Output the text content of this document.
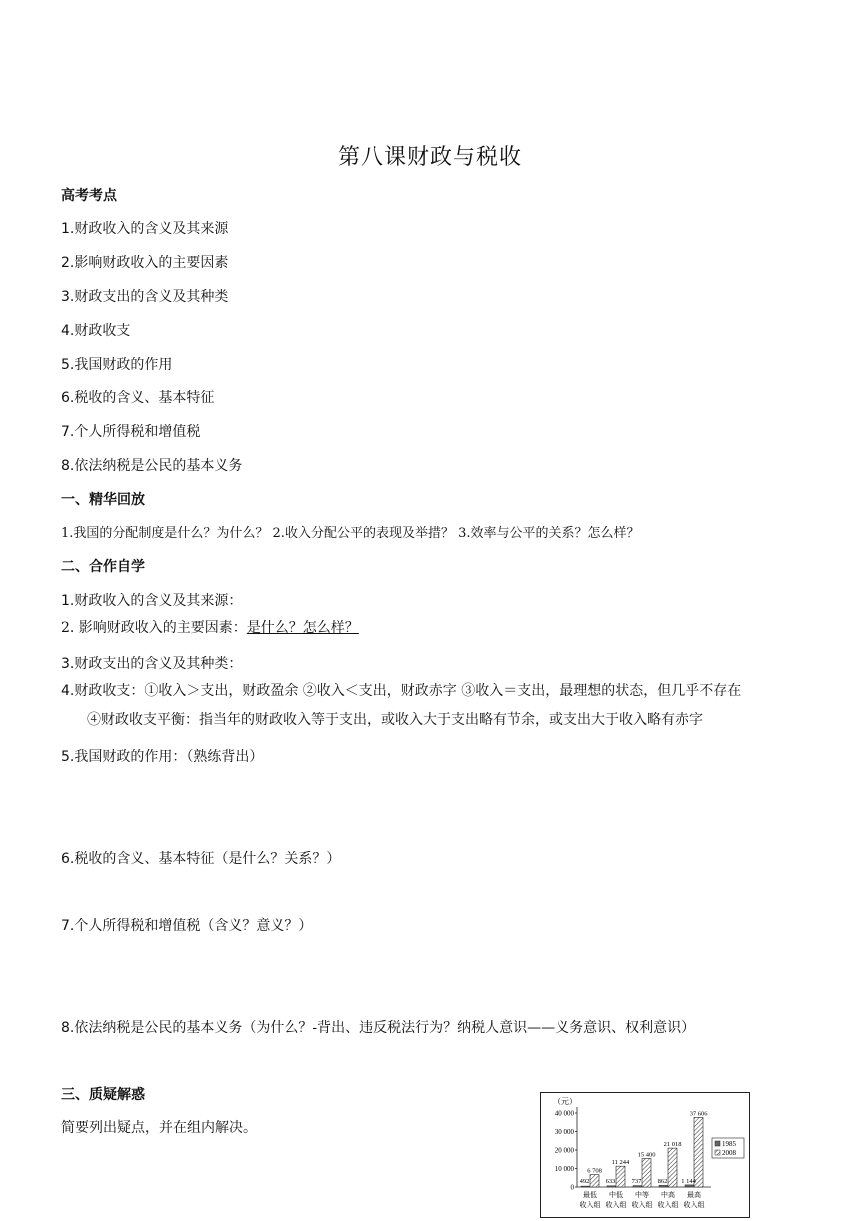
第八课财政与税收
高考考点
1.财政收入的含义及其来源
2.影响财政收入的主要因素
3.财政支出的含义及其种类
4.财政收支
5.我国财政的作用
6.税收的含义、基本特征
7.个人所得税和增值税
8.依法纳税是公民的基本义务
一、精华回放
1.我国的分配制度是什么？为什么？ 2.收入分配公平的表现及举措？ 3.效率与公平的关系？怎么样？
二、合作自学
1.财政收入的含义及其来源：
2. 影响财政收入的主要因素：是什么？怎么样？
3.财政支出的含义及其种类：
4.财政收支：①收入＞支出，财政盈余 ②收入＜支出，财政赤字 ③收入＝支出，最理想的状态，但几乎不存在
④财政收支平衡：指当年的财政收入等于支出，或收入大于支出略有节余，或支出大于收入略有赤字
5.我国财政的作用：（熟练背出）
6.税收的含义、基本特征（是什么？关系？）
7.个人所得税和增值税（含义？意义？）
8.依法纳税是公民的基本义务（为什么？-背出、违反税法行为？纳税人意识——义务意识、权利意识）
三、质疑解惑
简要列出疑点，并在组内解决。
（元）
0
10 000
20 000
30 000
40 000
492
6 708
最低
收入组
633
11 244
中低
收入组
737
15 400
中等
收入组
862
21 018
中高
收入组
1 144
37 606
最高
收入组
1985
2008
